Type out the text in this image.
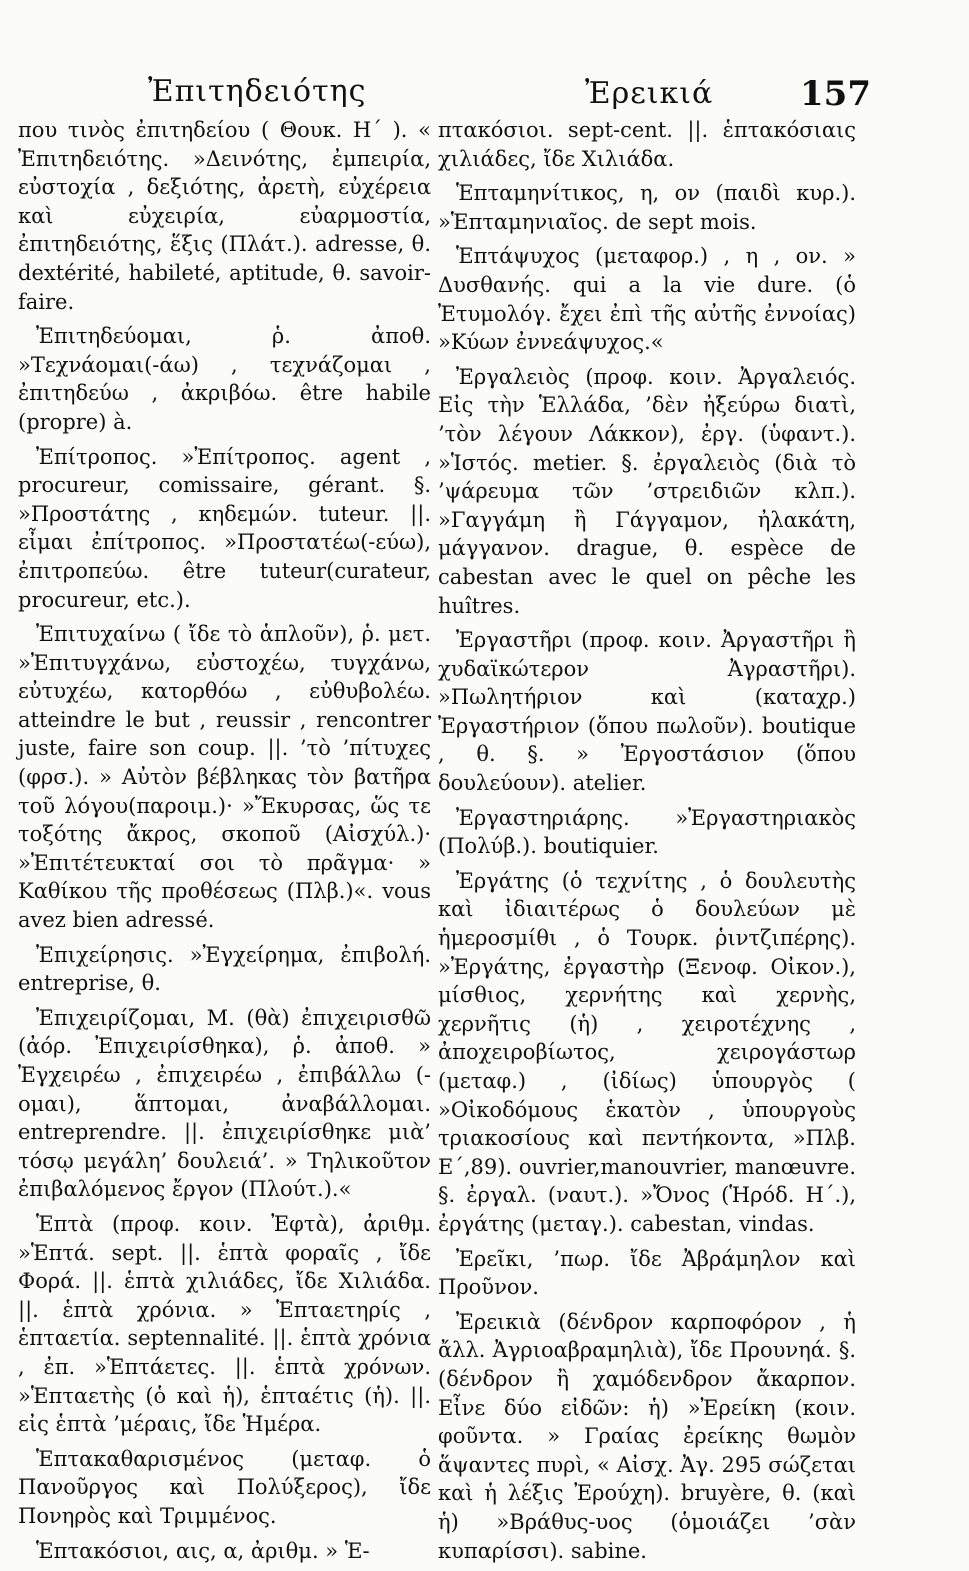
Ἐπιτηδειότης	Ἐρεικιά	157

που τινὸς ἐπιτηδείου ( Θουκ. Η΄ ). « Ἐπιτηδειότης. »Δεινότης, ἐμπειρία, εὐστοχία , δεξιότης, ἀρετὴ, εὐχέρεια καὶ εὐχειρία, εὐαρμοστία, ἐπιτηδειότης, ἕξις (Πλάτ.). adresse, θ. dextérité, habileté, aptitude, θ. savoir-faire.

Ἐπιτηδεύομαι, ῥ. ἀποθ. »Τεχνάομαι(-άω) , τεχνάζομαι , ἐπιτηδεύω , ἀκριβόω. être habile (propre) à.

Ἐπίτροπος. »Ἐπίτροπος. agent , procureur, comissaire, gérant. §. »Προστάτης , κηδεμών. tuteur. ||. εἶμαι ἐπίτροπος. »Προστατέω(-εύω), ἐπιτροπεύω. être tuteur(curateur, procureur, etc.).

Ἐπιτυχαίνω ( ἴδε τὸ ἁπλοῦν), ῥ. μετ. »Ἐπιτυγχάνω, εὐστοχέω, τυγχάνω, εὐτυχέω, κατορθόω , εὐθυβολέω. atteindre le but , reussir , rencontrer juste, faire son coup. ||. ’τὸ ’πίτυχες (φρσ.). » Αὐτὸν βέβληκας τὸν βατῆρα τοῦ λόγου(παροιμ.)· »Ἔκυρσας, ὥς τε τοξότης ἄκρος, σκοποῦ (Αἰσχύλ.)· »Ἐπιτέτευκταί σοι τὸ πρᾶγμα· » Καθίκου τῆς προθέσεως (Πλβ.)«. vous avez bien adressé.

Ἐπιχείρησις. »Ἐγχείρημα, ἐπιβολή. entreprise, θ.

Ἐπιχειρίζομαι, Μ. (θὰ) ἐπιχειρισθῶ (ἀόρ. Ἐπιχειρίσθηκα), ῥ. ἀποθ. » Ἐγχειρέω , ἐπιχειρέω , ἐπιβάλλω (-ομαι), ἅπτομαι, ἀναβάλλομαι. entreprendre. ||. ἐπιχειρίσθηκε μιὰ’ τόσῳ μεγάλη’ δουλειά’. » Τηλικοῦτον ἐπιβαλόμενος ἔργον (Πλούτ.).«

Ἑπτὰ (προφ. κοιν. Ἐφτὰ), ἀριθμ. »Ἑπτά. sept. ||. ἑπτὰ φοραῖς , ἴδε Φορά. ||. ἑπτὰ χιλιάδες, ἴδε Χιλιάδα. ||. ἑπτὰ χρόνια. » Ἑπταετηρίς , ἑπταετία. septennalité. ||. ἑπτὰ χρόνια , ἐπ. »Ἑπτάετες. ||. ἑπτὰ χρόνων. »Ἑπταετὴς (ὁ καὶ ἡ), ἑπταέτις (ἡ). ||. εἰς ἑπτὰ ’μέραις, ἴδε Ἡμέρα.

Ἑπτακαθαρισμένος (μεταφ. ὁ Πανοῦργος καὶ Πολύξερος), ἴδε Πονηρὸς καὶ Τριμμένος.

Ἑπτακόσιοι, αις, α, ἀριθμ. » Ἑ-

πτακόσιοι. sept-cent. ||. ἑπτακόσιαις χιλιάδες, ἴδε Χιλιάδα.

Ἑπταμηνίτικος, η, ον (παιδὶ κυρ.). »Ἑπταμηνιαῖος. de sept mois.

Ἑπτάψυχος (μεταφορ.) , η , ον. » Δυσθανής. qui a la vie dure. (ὁ Ἐτυμολόγ. ἔχει ἐπὶ τῆς αὐτῆς ἐννοίας) »Κύων ἐννεάψυχος.«

Ἐργαλειὸς (προφ. κοιν. Ἀργαλειός. Εἰς τὴν Ἑλλάδα, ’δὲν ἠξεύρω διατὶ, ’τὸν λέγουν Λάκκον), ἐργ. (ὑφαντ.). »Ἱστός. metier. §. ἐργαλειὸς (διὰ τὸ ’ψάρευμα τῶν ’στρειδιῶν κλπ.). »Γαγγάμη ἢ Γάγγαμον, ἠλακάτη, μάγγανον. drague, θ. espèce de cabestan avec le quel on pêche les huîtres.

Ἐργαστῆρι (προφ. κοιν. Ἀργαστῆρι ἢ χυδαϊκώτερον Ἀγραστῆρι). »Πωλητήριον καὶ (καταχρ.) Ἐργαστήριον (ὅπου πωλοῦν). boutique , θ. §. » Ἐργοστάσιον (ὅπου δουλεύουν). atelier.

Ἐργαστηριάρης. »Ἐργαστηριακὸς (Πολύβ.). boutiquier.

Ἐργάτης (ὁ τεχνίτης , ὁ δουλευτὴς καὶ ἰδιαιτέρως ὁ δουλεύων μὲ ἡμεροσμίθι , ὁ Τουρκ. ῥιντζιπέρης). »Ἐργάτης, ἐργαστὴρ (Ξενοφ. Οἰκον.), μίσθιος, χερνήτης καὶ χερνὴς, χερνῆτις (ἡ) , χειροτέχνης , ἀποχειροβίωτος, χειρογάστωρ (μεταφ.) , (ἰδίως) ὑπουργὸς ( »Οἰκοδόμους ἑκατὸν , ὑπουργοὺς τριακοσίους καὶ πεντήκοντα, »Πλβ. Ε΄,89). ouvrier,manouvrier, manœuvre. §. ἐργαλ. (ναυτ.). »Ὄνος (Ἡρόδ. Η΄.), ἐργάτης (μεταγ.). cabestan, vindas.

Ἐρεῖκι, ’πωρ. ἴδε Ἀβράμηλον καὶ Προῦνον.

Ἐρεικιὰ (δένδρον καρποφόρον , ἡ ἄλλ. Ἀγριοαβραμηλιὰ), ἴδε Προυνηά. §. (δένδρον ἢ χαμόδενδρον ἄκαρπον. Εἶνε δύο εἰδῶν: ἡ) »Ἐρείκη (κοιν. φοῦντα. » Γραίας ἐρείκης θωμὸν ἅψαντες πυρὶ, « Αἰσχ. Ἀγ. 295 σώζεται καὶ ἡ λέξις Ἐρούχη). bruyère, θ. (καὶ ἡ) »Βράθυς-υος (ὁμοιάζει ’σὰν κυπαρίσσι). sabine.
